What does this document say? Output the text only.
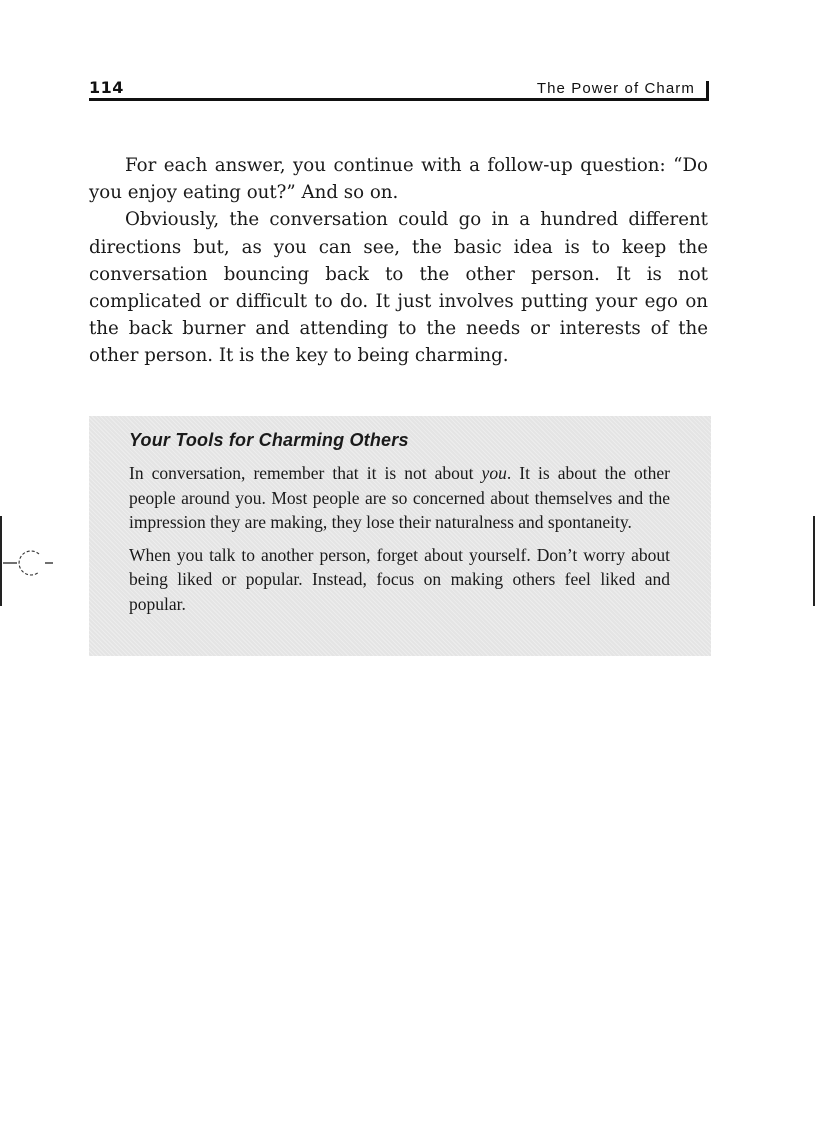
114	The Power of Charm

For each answer, you continue with a follow-up question: “Do you enjoy eating out?” And so on.

Obviously, the conversation could go in a hundred different directions but, as you can see, the basic idea is to keep the conversation bouncing back to the other person. It is not complicated or difficult to do. It just involves putting your ego on the back burner and attending to the needs or interests of the other person. It is the key to being charming.

Your Tools for Charming Others

In conversation, remember that it is not about you. It is about the other people around you. Most people are so concerned about themselves and the impression they are making, they lose their naturalness and spontaneity.

When you talk to another person, forget about yourself. Don’t worry about being liked or popular. Instead, focus on making others feel liked and popular.
